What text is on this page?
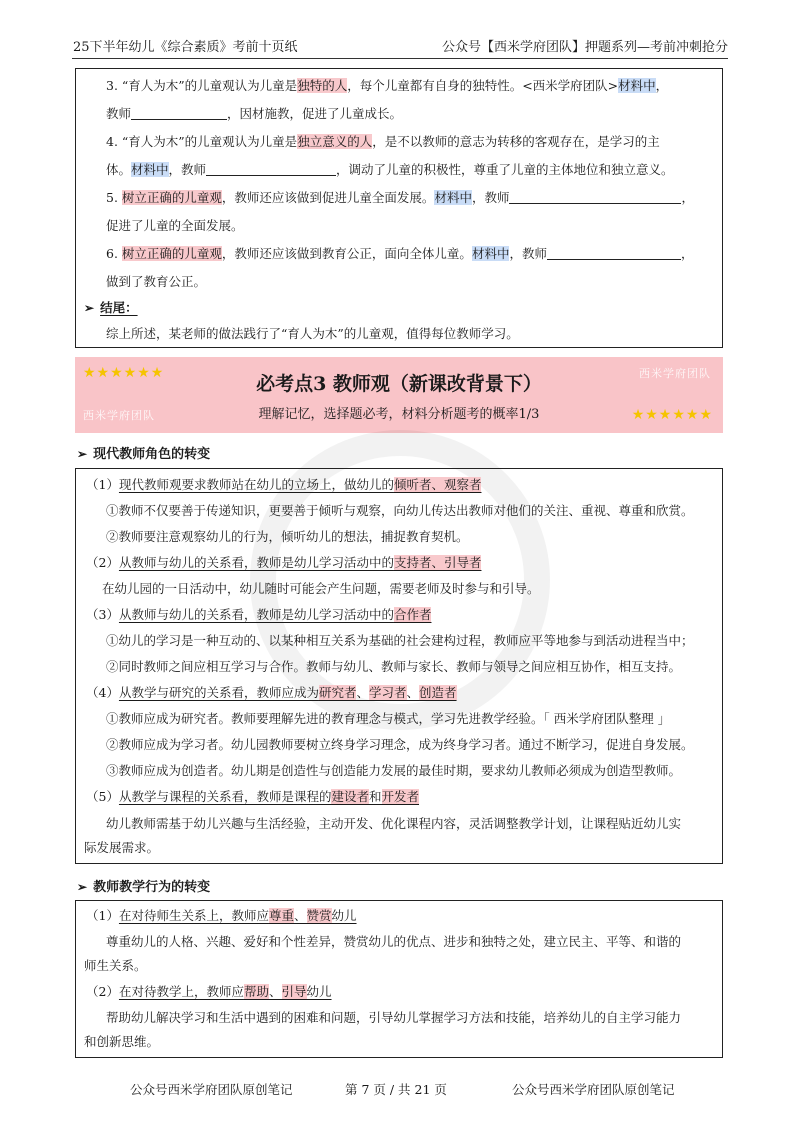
25下半年幼儿《综合素质》考前十页纸	公众号【西米学府团队】押题系列—考前冲刺抢分
3. “育人为木”的儿童观认为儿童是独特的人，每个儿童都有自身的独特性。<西米学府团队>材料中，
教师	，因材施教，促进了儿童成长。
4. “育人为木”的儿童观认为儿童是独立意义的人，是不以教师的意志为转移的客观存在，是学习的主
体。材料中，教师	，调动了儿童的积极性，尊重了儿童的主体地位和独立意义。
5. 树立正确的儿童观，教师还应该做到促进儿童全面发展。材料中，教师	，
促进了儿童的全面发展。
6. 树立正确的儿童观，教师还应该做到教育公正，面向全体儿童。材料中，教师	，
做到了教育公正。
➢ 结尾：
综上所述，某老师的做法践行了“育人为木”的儿童观，值得每位教师学习。
★★★★★★	西米学府团队
西米学府团队	★★★★★★
必考点3 教师观（新课改背景下）
理解记忆，选择题必考，材料分析题考的概率1/3
➢ 现代教师角色的转变
（1）现代教师观要求教师站在幼儿的立场上，做幼儿的倾听者、观察者
①教师不仅要善于传递知识，更要善于倾听与观察，向幼儿传达出教师对他们的关注、重视、尊重和欣赏。
②教师要注意观察幼儿的行为，倾听幼儿的想法，捕捉教育契机。
（2）从教师与幼儿的关系看，教师是幼儿学习活动中的支持者、引导者
在幼儿园的一日活动中，幼儿随时可能会产生问题，需要老师及时参与和引导。
（3）从教师与幼儿的关系看，教师是幼儿学习活动中的合作者
①幼儿的学习是一种互动的、以某种相互关系为基础的社会建构过程，教师应平等地参与到活动进程当中；
②同时教师之间应相互学习与合作。教师与幼儿、教师与家长、教师与领导之间应相互协作，相互支持。
（4）从教学与研究的关系看，教师应成为研究者、学习者、创造者
①教师应成为研究者。教师要理解先进的教育理念与模式，学习先进教学经验。「 西米学府团队整理 」
②教师应成为学习者。幼儿园教师要树立终身学习理念，成为终身学习者。通过不断学习，促进自身发展。
③教师应成为创造者。幼儿期是创造性与创造能力发展的最佳时期，要求幼儿教师必须成为创造型教师。
（5）从教学与课程的关系看，教师是课程的建设者和开发者
幼儿教师需基于幼儿兴趣与生活经验，主动开发、优化课程内容，灵活调整教学计划，让课程贴近幼儿实
际发展需求。
➢ 教师教学行为的转变
（1）在对待师生关系上，教师应尊重、赞赏幼儿
尊重幼儿的人格、兴趣、爱好和个性差异，赞赏幼儿的优点、进步和独特之处，建立民主、平等、和谐的
师生关系。
（2）在对待教学上，教师应帮助、引导幼儿
帮助幼儿解决学习和生活中遇到的困难和问题，引导幼儿掌握学习方法和技能，培养幼儿的自主学习能力
和创新思维。
公众号西米学府团队原创笔记	第 7 页 / 共 21 页	公众号西米学府团队原创笔记
